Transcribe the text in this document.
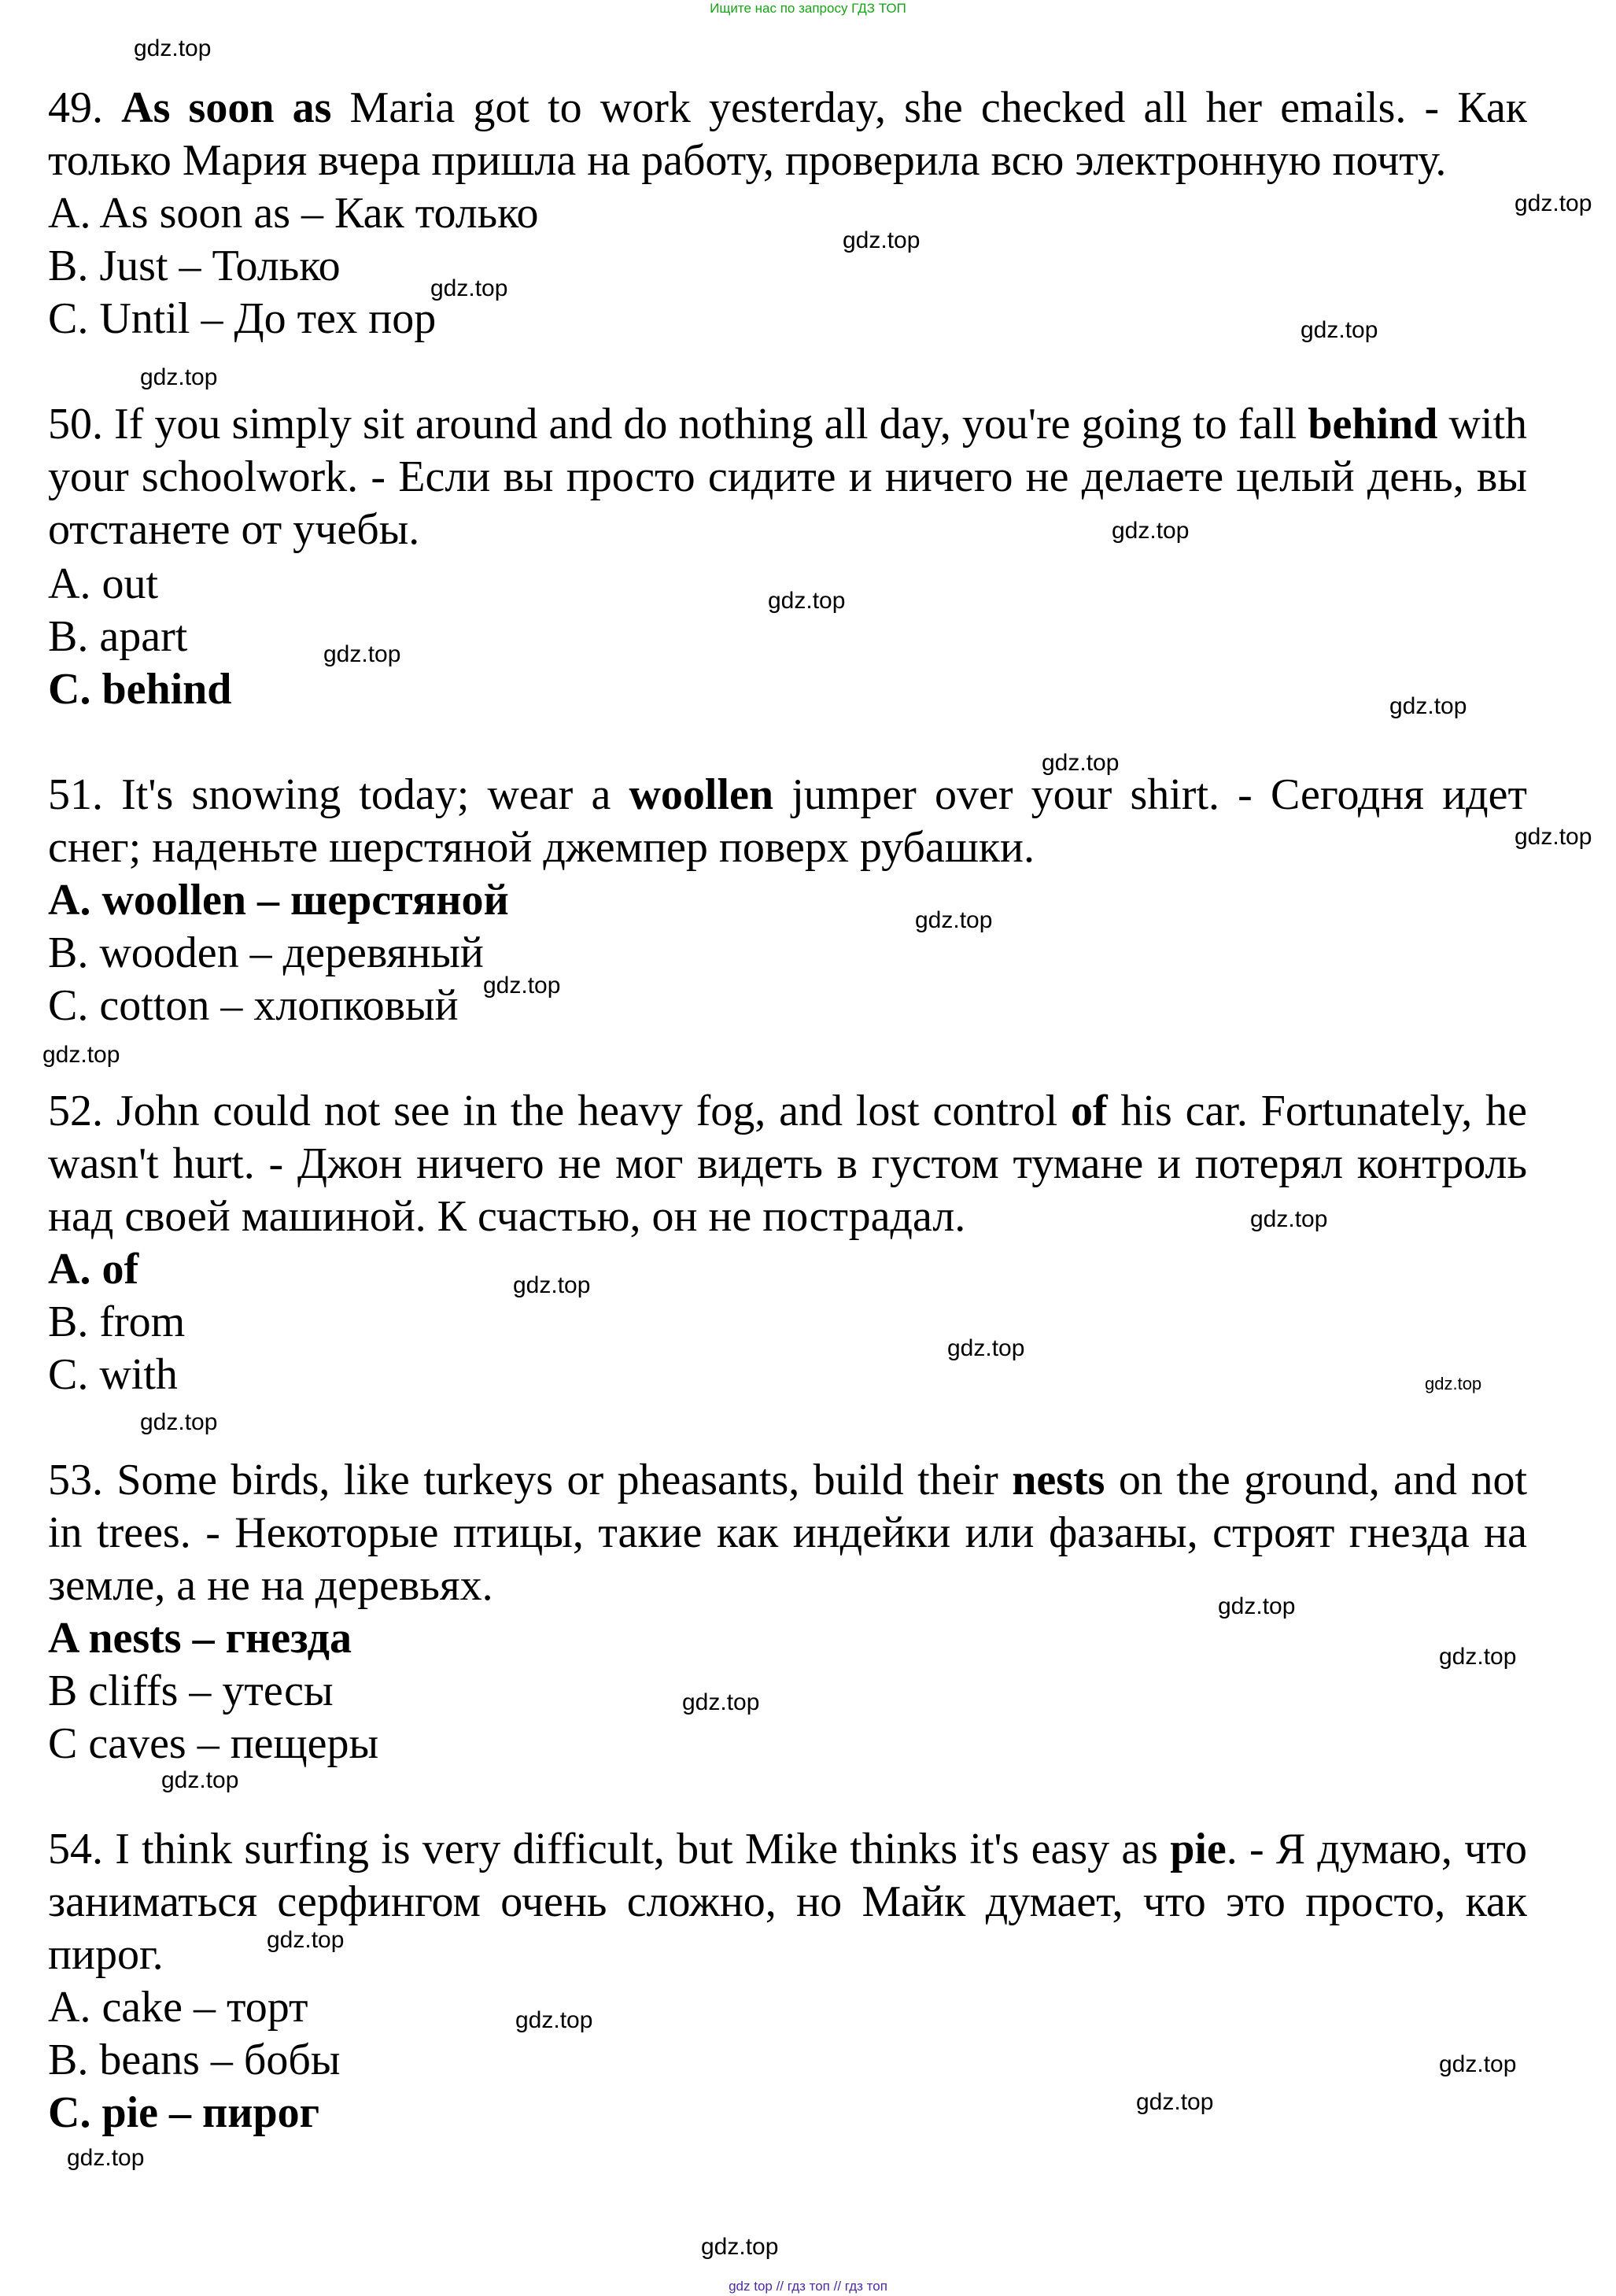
Ищите нас по запросу ГДЗ ТОП

49. As soon as Maria got to work yesterday, she checked all her emails. - Как только Мария вчера пришла на работу, проверила всю электронную почту.

A. As soon as – Как только
B. Just – Только
C. Until – До тех пор

50. If you simply sit around and do nothing all day, you're going to fall behind with your schoolwork. - Если вы просто сидите и ничего не делаете целый день, вы отстанете от учебы.

A. out
B. apart
C. behind

51. It's snowing today; wear a woollen jumper over your shirt. - Сегодня идет снег; наденьте шерстяной джемпер поверх рубашки.

A. woollen – шерстяной
B. wooden – деревяный
C. cotton – хлопковый

52. John could not see in the heavy fog, and lost control of his car. Fortunately, he wasn't hurt. - Джон ничего не мог видеть в густом тумане и потерял контроль над своей машиной. К счастью, он не пострадал.

A. of
B. from
C. with

53. Some birds, like turkeys or pheasants, build their nests on the ground, and not in trees. - Некоторые птицы, такие как индейки или фазаны, строят гнезда на земле, а не на деревьях.

A nests – гнезда
B cliffs – утесы
C caves – пещеры

54. I think surfing is very difficult, but Mike thinks it's easy as pie. - Я думаю, что заниматься серфингом очень сложно, но Майк думает, что это просто, как пирог.

A. cake – торт
B. beans – бобы
C. pie – пирог
gdz.top
gdz.top
gdz.top
gdz.top
gdz.top
gdz.top
gdz.top
gdz.top
gdz.top
gdz.top
gdz.top
gdz.top
gdz.top
gdz.top
gdz.top
gdz.top
gdz.top
gdz.top
gdz.top
gdz.top
gdz.top
gdz.top
gdz.top
gdz.top
gdz.top
gdz.top
gdz.top
gdz.top
gdz.top
gdz.top
gdz top // гдз топ // гдз топ
